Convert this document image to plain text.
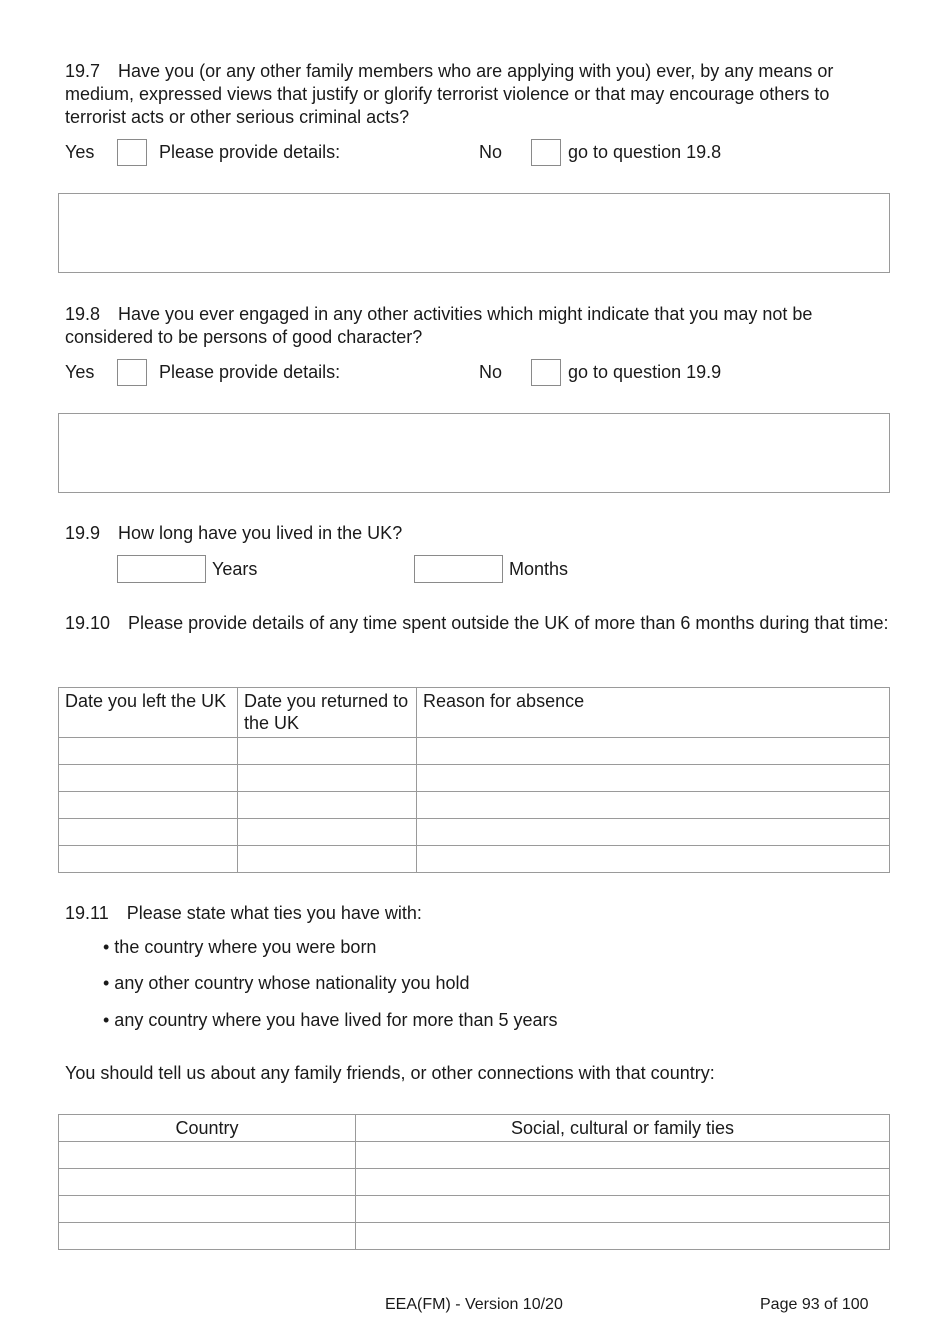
19.7  Have you (or any other family members who are applying with you) ever, by any means or medium, expressed views that justify or glorify terrorist violence or that may encourage others to terrorist acts or other serious criminal acts?
Yes	Please provide details:	No	go to question 19.8
19.8  Have you ever engaged in any other activities which might indicate that you may not be considered to be persons of good character?
Yes	Please provide details:	No	go to question 19.9
19.9  How long have you lived in the UK?
Years	Months
19.10  Please provide details of any time spent outside the UK of more than 6 months during that time:
Date you left the UK	Date you returned to the UK	Reason for absence

19.11  Please state what ties you have with:
• the country where you were born
• any other country whose nationality you hold
• any country where you have lived for more than 5 years
You should tell us about any family friends, or other connections with that country:
Country	Social, cultural or family ties

EEA(FM) - Version 10/20	Page 93 of 100
